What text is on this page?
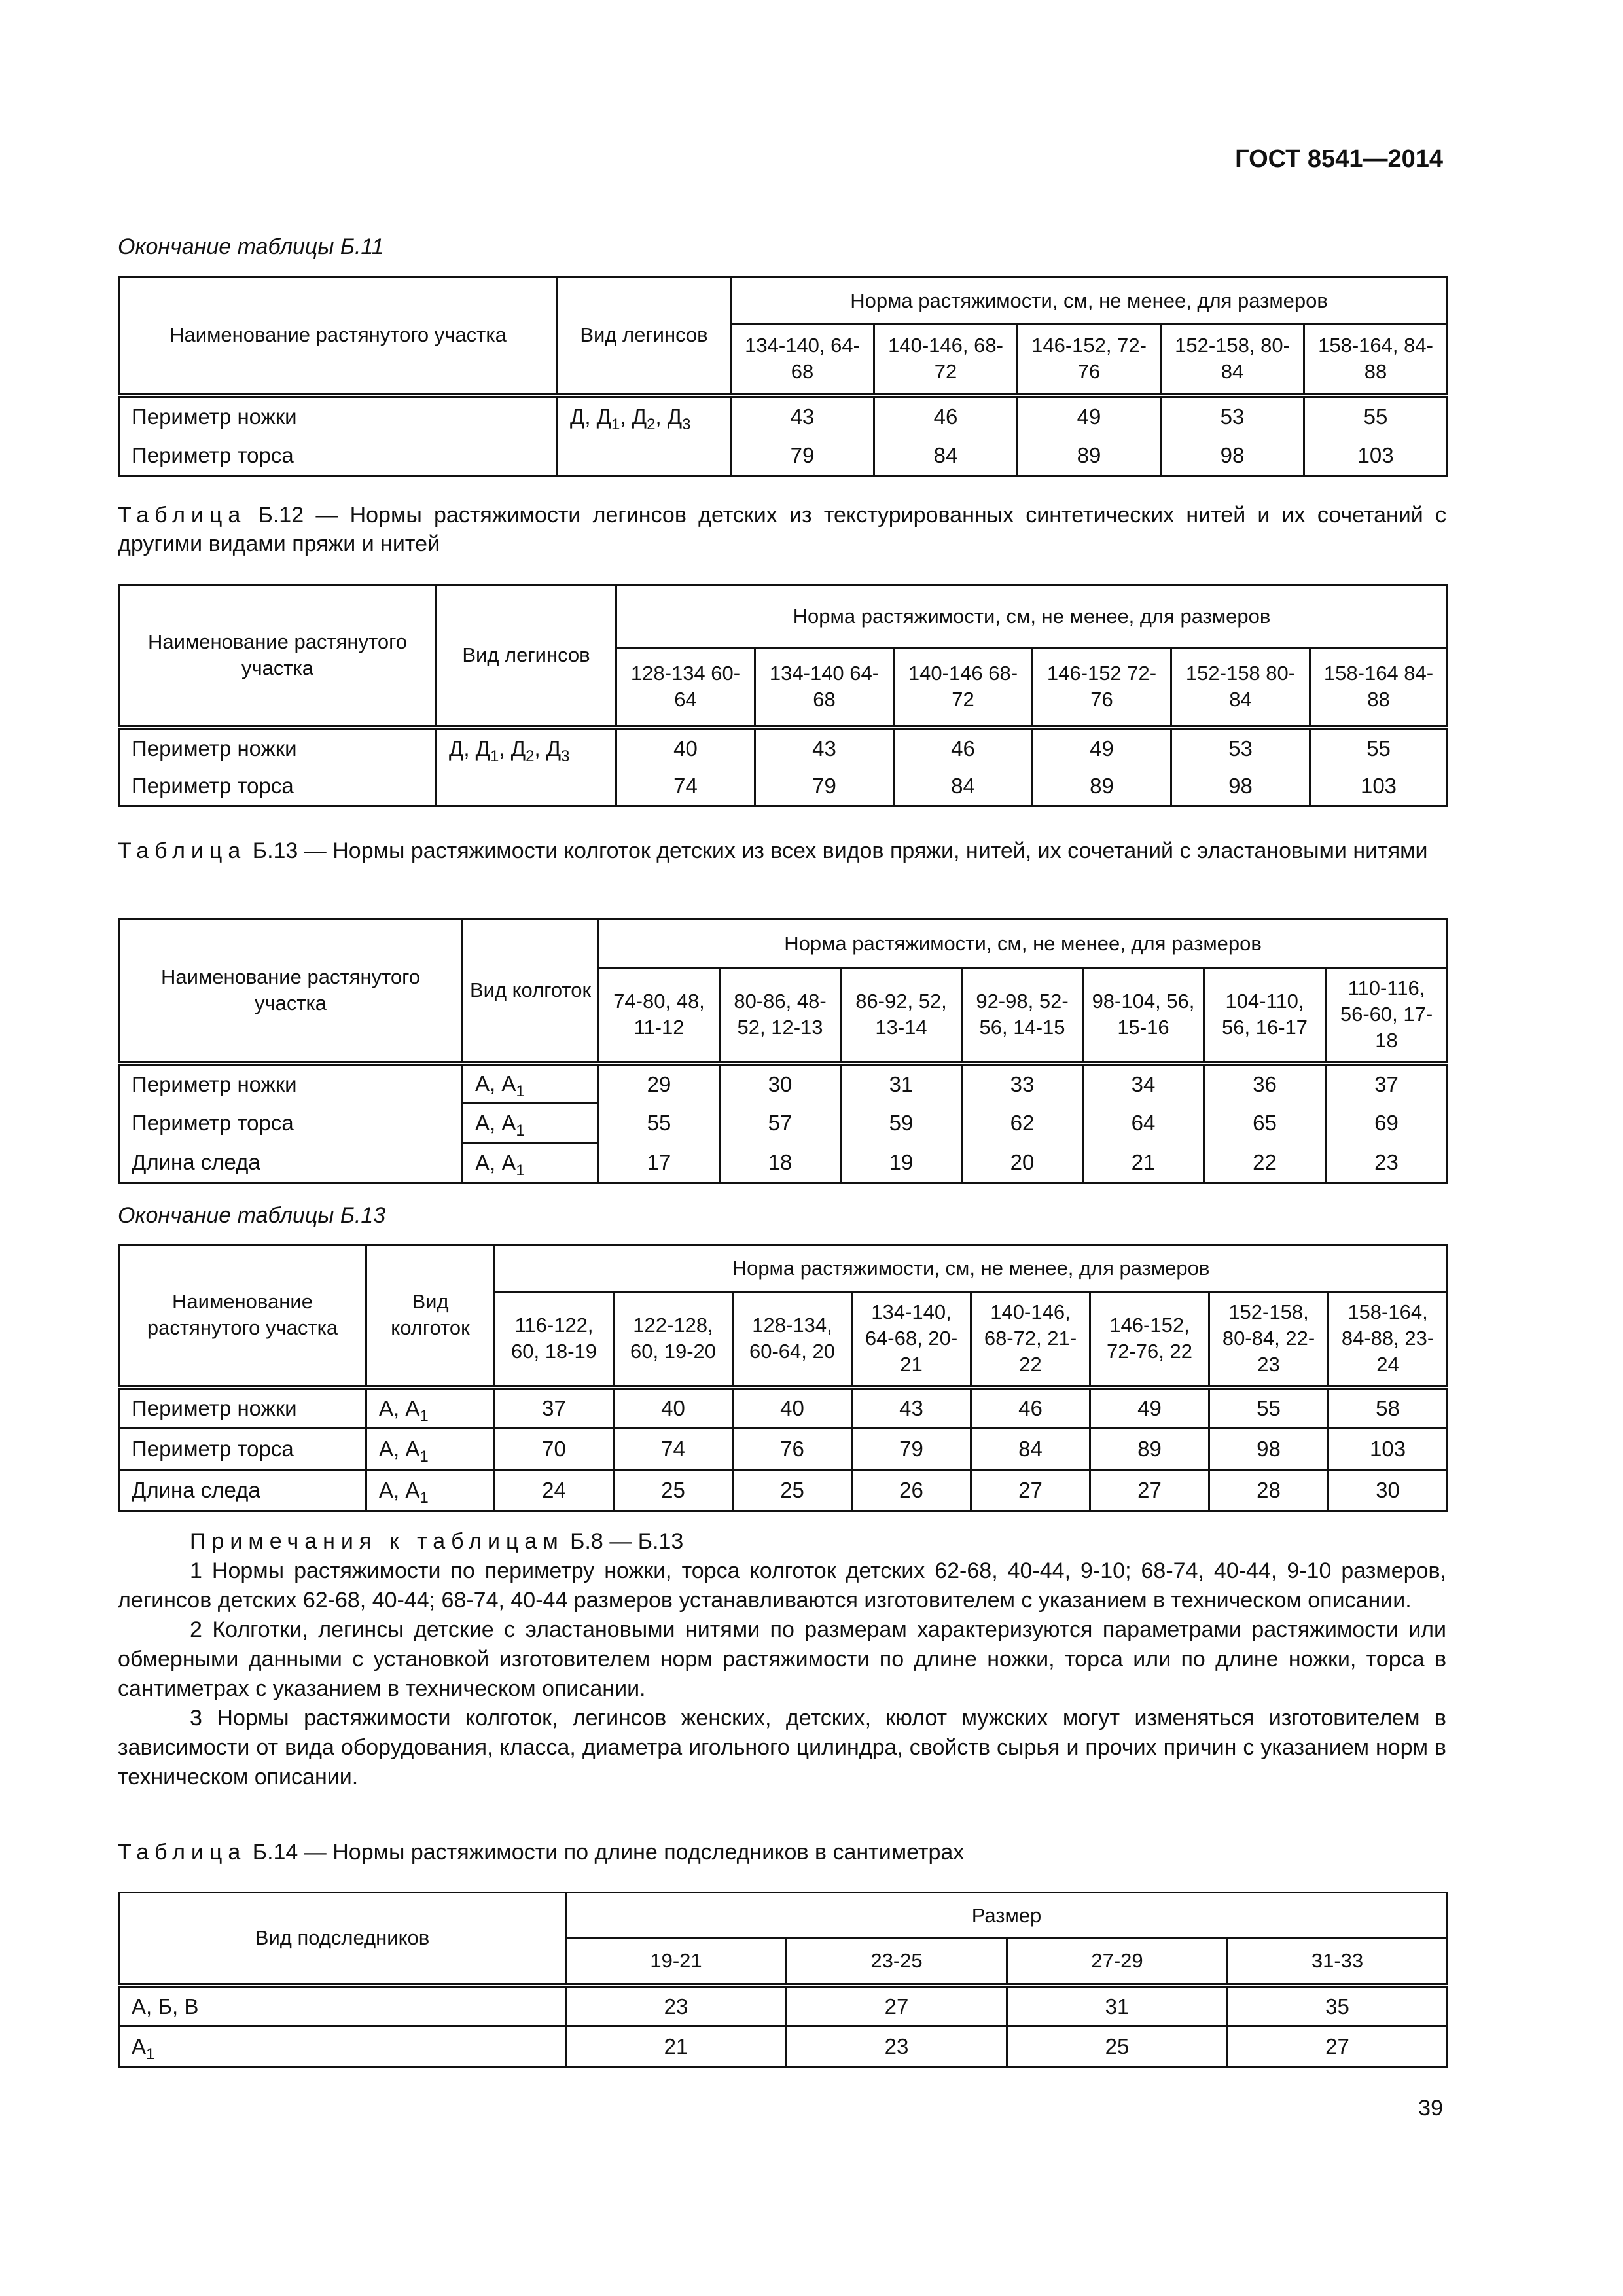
ГОСТ 8541—2014
Окончание таблицы Б.11
Наименование растянутого участка	Вид легинсов	Норма растяжимости, см, не менее, для размеров				
		134-140, 64-68	140-146, 68-72	146-152, 72-76	152-158, 80-84	158-164, 84-88
Периметр ножки	Д, $Д_1$, $Д_2$, $Д_3$	43	46	49	53	55
Периметр торса		79	84	89	98	103
Таблица Б.12 — Нормы растяжимости легинсов детских из текстурированных синтетических нитей и их сочетаний с другими видами пряжи и нитей
Наименование растянутого участка	Вид легинсов	Норма растяжимости, см, не менее, для размеров					
		128-134 60-64	134-140 64-68	140-146 68-72	146-152 72-76	152-158 80-84	158-164 84-88
Периметр ножки	Д, $Д_1$, $Д_2$, $Д_3$	40	43	46	49	53	55
Периметр торса		74	79	84	89	98	103
Таблица Б.13 — Нормы растяжимости колготок детских из всех видов пряжи, нитей, их сочетаний с эластановыми нитями
Наименование растянутого участка	Вид колготок	Норма растяжимости, см, не менее, для размеров						
		74-80, 48, 11-12	80-86, 48-52, 12-13	86-92, 52, 13-14	92-98, 52-56, 14-15	98-104, 56, 15-16	104-110, 56, 16-17	110-116, 56-60, 17-18
Периметр ножки	А, $А_1$	29	30	31	33	34	36	37
Периметр торса	А, $А_1$	55	57	59	62	64	65	69
Длина следа	А, $А_1$	17	18	19	20	21	22	23
Окончание таблицы Б.13
Наименование растянутого участка	Вид колготок	Норма растяжимости, см, не менее, для размеров							
		116-122, 60, 18-19	122-128, 60, 19-20	128-134, 60-64, 20	134-140, 64-68, 20-21	140-146, 68-72, 21-22	146-152, 72-76, 22	152-158, 80-84, 22-23	158-164, 84-88, 23-24
Периметр ножки	А, $А_1$	37	40	40	43	46	49	55	58
Периметр торса	А, $А_1$	70	74	76	79	84	89	98	103
Длина следа	А, $А_1$	24	25	25	26	27	27	28	30

Примечания к таблицам Б.8 — Б.13

1 Нормы растяжимости по периметру ножки, торса колготок детских 62-68, 40-44, 9-10; 68-74, 40-44, 9-10 размеров, легинсов детских 62-68, 40-44; 68-74, 40-44 размеров устанавливаются изготовителем с указанием в техническом описании.

2 Колготки, легинсы детские с эластановыми нитями по размерам характеризуются параметрами растяжимости или обмерными данными с установкой изготовителем норм растяжимости по длине ножки, торса или по длине ножки, торса в сантиметрах с указанием в техническом описании.

3 Нормы растяжимости колготок, легинсов женских, детских, кюлот мужских могут изменяться изготовителем в зависимости от вида оборудования, класса, диаметра игольного цилиндра, свойств сырья и прочих причин с указанием норм в техническом описании.

Таблица Б.14 — Нормы растяжимости по длине подследников в сантиметрах
Вид подследников	Размер			
	19-21	23-25	27-29	31-33
А, Б, В	23	27	31	35
$А_1$	21	23	25	27
39
